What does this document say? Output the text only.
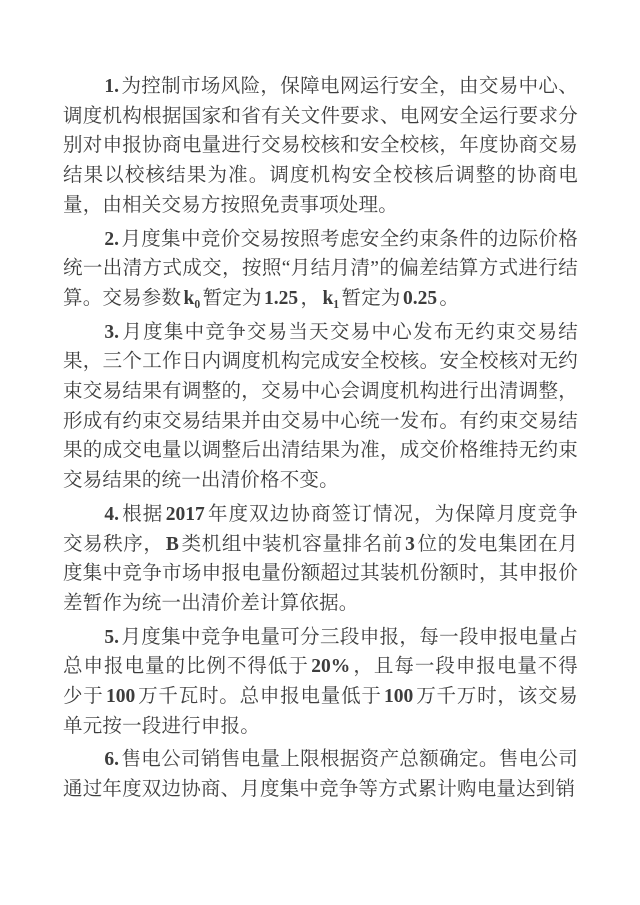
1. 为控制市场风险，保障电网运行安全，由交易中心、调度机构根据国家和省有关文件要求、电网安全运行要求分别对申报协商电量进行交易校核和安全校核，年度协商交易结果以校核结果为准。调度机构安全校核后调整的协商电量，由相关交易方按照免责事项处理。

2. 月度集中竞价交易按照考虑安全约束条件的边际价格统一出清方式成交，按照“月结月清”的偏差结算方式进行结算。交易参数 k₀ 暂定为 1.25 ， k₁ 暂定为 0.25 。

3. 月度集中竞争交易当天交易中心发布无约束交易结果，三个工作日内调度机构完成安全校核。安全校核对无约束交易结果有调整的，交易中心会调度机构进行出清调整，形成有约束交易结果并由交易中心统一发布。有约束交易结果的成交电量以调整后出清结果为准，成交价格维持无约束交易结果的统一出清价格不变。

4. 根据 2017 年度双边协商签订情况，为保障月度竞争交易秩序， B 类机组中装机容量排名前 3 位的发电集团在月度集中竞争市场申报电量份额超过其装机份额时，其申报价差暂作为统一出清价差计算依据。

5. 月度集中竞争电量可分三段申报，每一段申报电量占总申报电量的比例不得低于 20% ，且每一段申报电量不得少于 100 万千瓦时。总申报电量低于 100 万千万时，该交易单元按一段进行申报。

6. 售电公司销售电量上限根据资产总额确定。售电公司通过年度双边协商、月度集中竞争等方式累计购电量达到销
